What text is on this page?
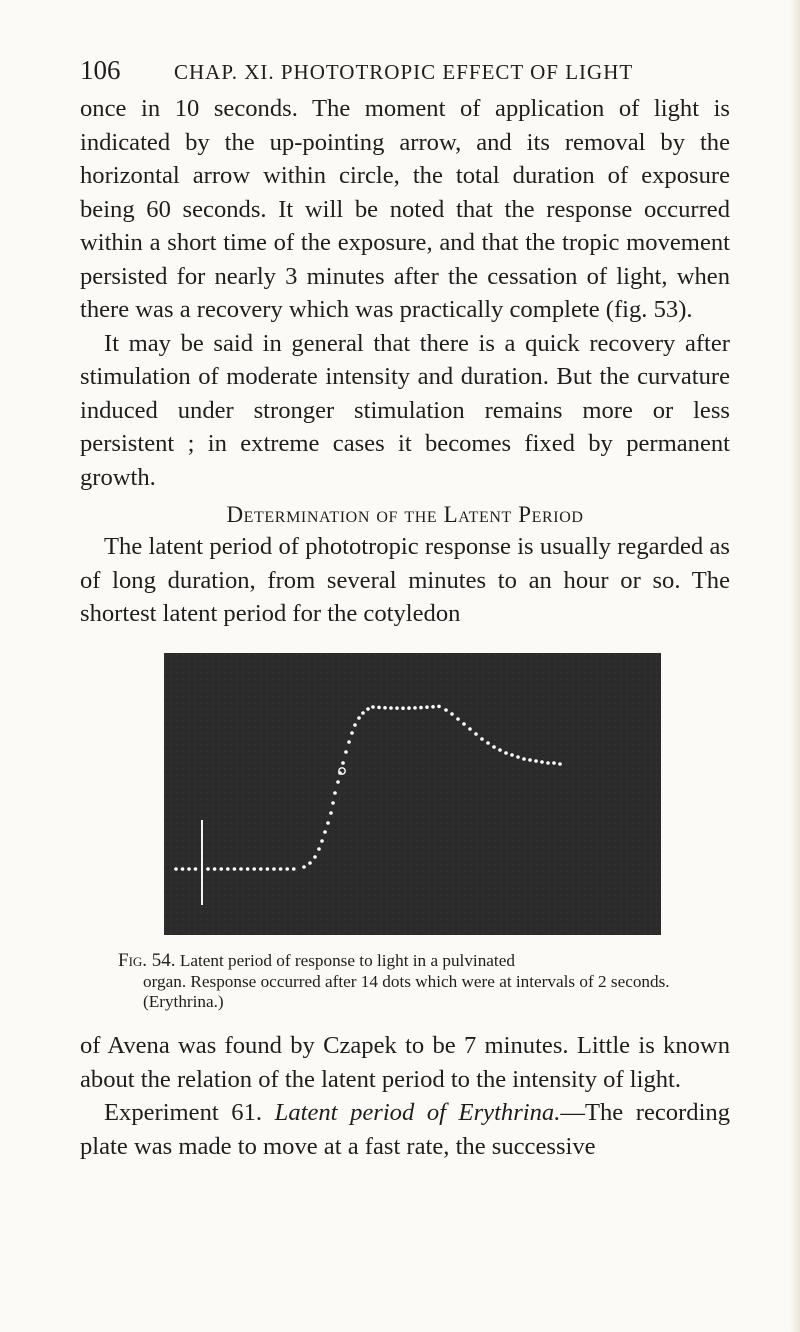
106	CHAP. XI. PHOTOTROPIC EFFECT OF LIGHT

once in 10 seconds. The moment of application of light is indicated by the up-pointing arrow, and its removal by the horizontal arrow within circle, the total duration of exposure being 60 seconds. It will be noted that the response occurred within a short time of the exposure, and that the tropic movement persisted for nearly 3 minutes after the cessation of light, when there was a recovery which was practically complete (fig. 53).

It may be said in general that there is a quick recovery after stimulation of moderate intensity and duration. But the curvature induced under stronger stimulation remains more or less persistent ; in extreme cases it becomes fixed by permanent growth.

Determination of the Latent Period

The latent period of phototropic response is usually regarded as of long duration, from several minutes to an hour or so. The shortest latent period for the cotyledon

Fig. 54. Latent period of response to light in a pulvinated
organ. Response occurred after 14 dots which were at intervals of 2 seconds. (Erythrina.)

of Avena was found by Czapek to be 7 minutes. Little is known about the relation of the latent period to the intensity of light.

Experiment 61. Latent period of Erythrina.—The recording plate was made to move at a fast rate, the successive
